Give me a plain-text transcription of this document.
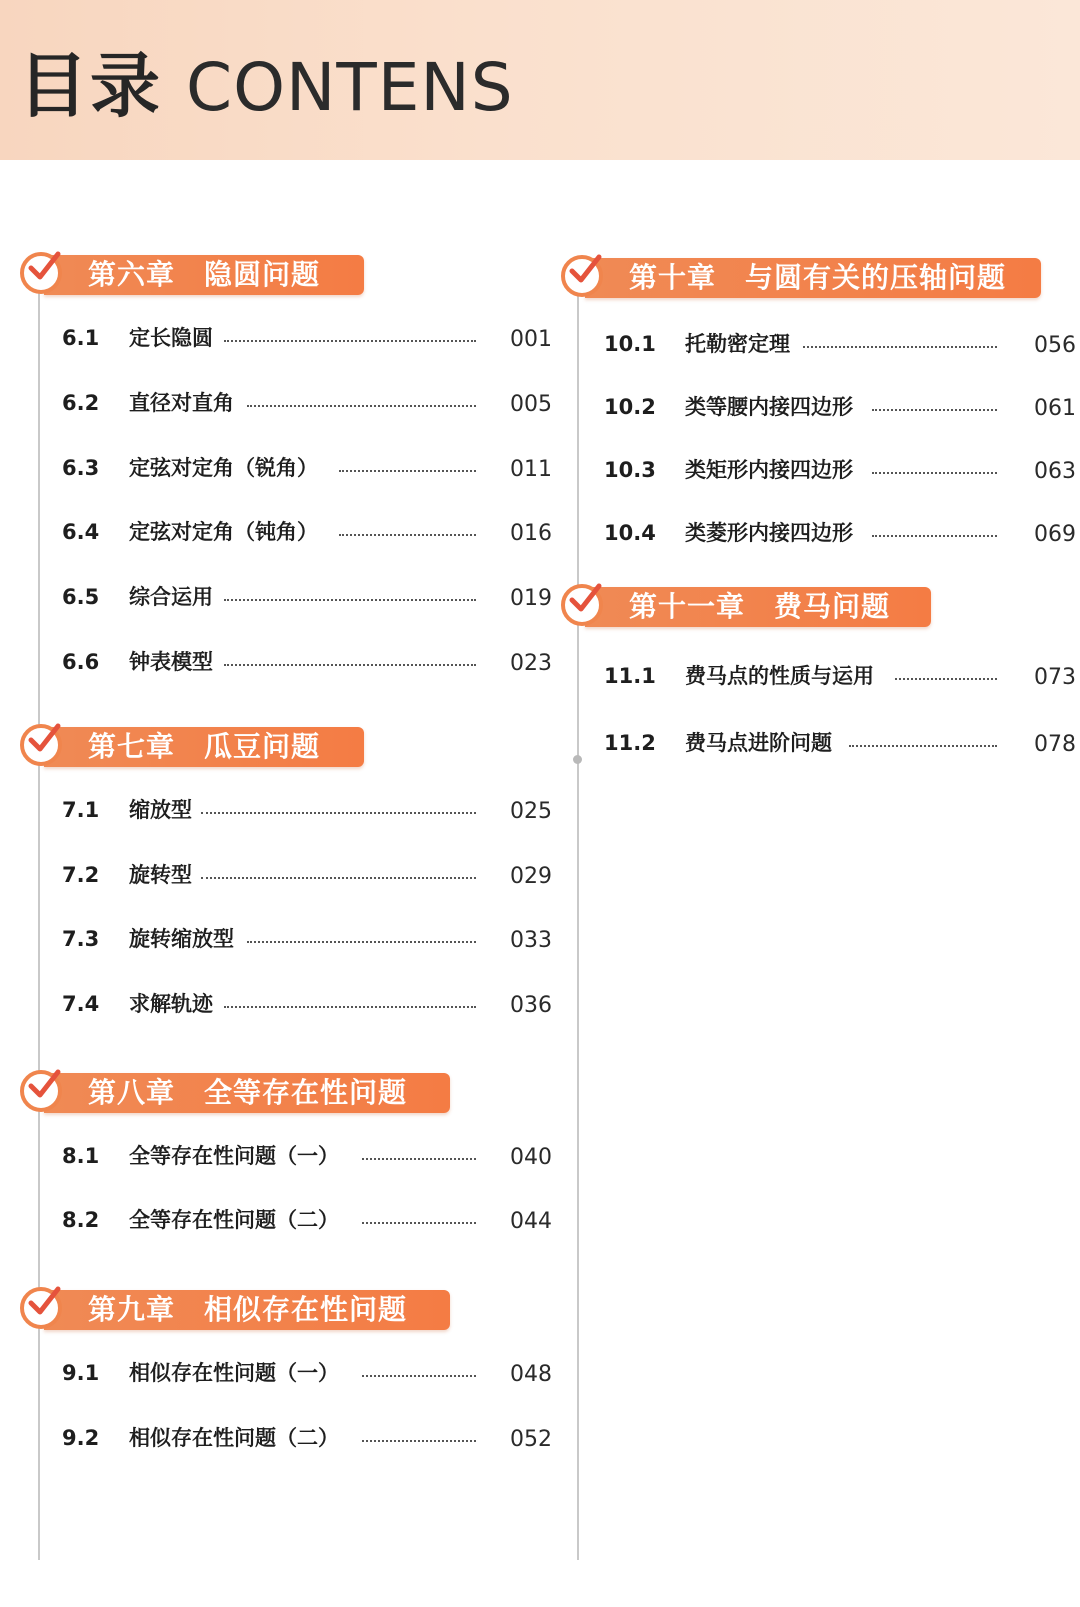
目录 CONTENS
第六章　隐圆问题
6.1 定长隐圆	001
6.2 直径对直角	005
6.3 定弦对定角（锐角）	011
6.4 定弦对定角（钝角）	016
6.5 综合运用	019
6.6 钟表模型	023
第七章　瓜豆问题
7.1 缩放型	025
7.2 旋转型	029
7.3 旋转缩放型	033
7.4 求解轨迹	036
第八章　全等存在性问题
8.1 全等存在性问题（一）	040
8.2 全等存在性问题（二）	044
第九章　相似存在性问题
9.1 相似存在性问题（一）	048
9.2 相似存在性问题（二）	052
第十章　与圆有关的压轴问题
10.1 托勒密定理	056
10.2 类等腰内接四边形	061
10.3 类矩形内接四边形	063
10.4 类菱形内接四边形	069
第十一章　费马问题
11.1 费马点的性质与运用	073
11.2 费马点进阶问题	078
